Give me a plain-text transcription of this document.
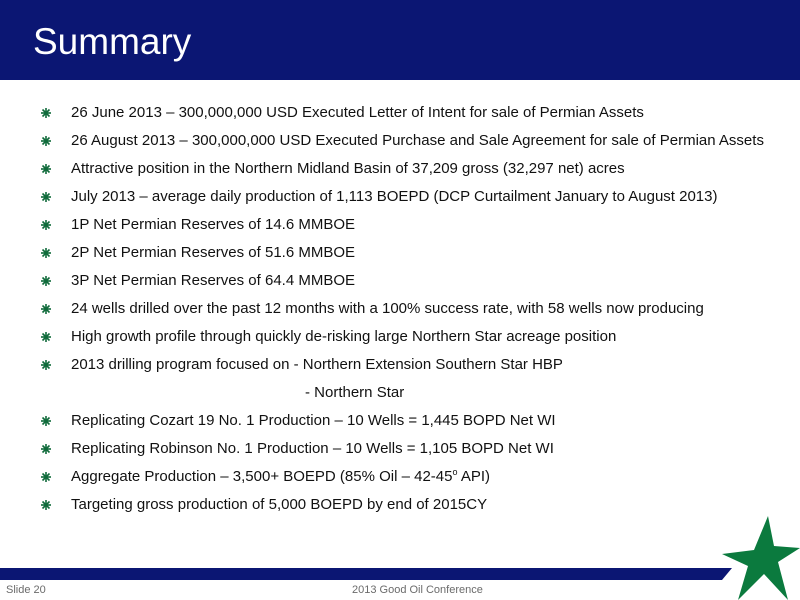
Summary
26 June 2013 – 300,000,000 USD Executed Letter of Intent for sale of Permian Assets
26 August 2013 – 300,000,000 USD Executed Purchase and Sale Agreement for sale of Permian Assets
Attractive position in the Northern Midland Basin of 37,209 gross (32,297 net) acres
July 2013 – average daily production of 1,113 BOEPD (DCP Curtailment January to August 2013)
1P Net Permian Reserves of 14.6 MMBOE
2P Net Permian Reserves of 51.6 MMBOE
3P Net Permian Reserves of 64.4 MMBOE
24 wells drilled over the past 12 months with a 100% success rate, with 58 wells now producing
High growth profile through quickly de-risking large Northern Star acreage position
2013 drilling program focused on - Northern Extension Southern Star HBP
- Northern Star
Replicating Cozart 19 No. 1 Production – 10 Wells = 1,445 BOPD Net WI
Replicating Robinson No. 1 Production – 10 Wells = 1,105 BOPD Net WI
Aggregate Production – 3,500+ BOEPD (85% Oil – 42-45$^o$ API)
Targeting gross production of 5,000 BOEPD by end of 2015CY
Slide 20	2013 Good Oil Conference
